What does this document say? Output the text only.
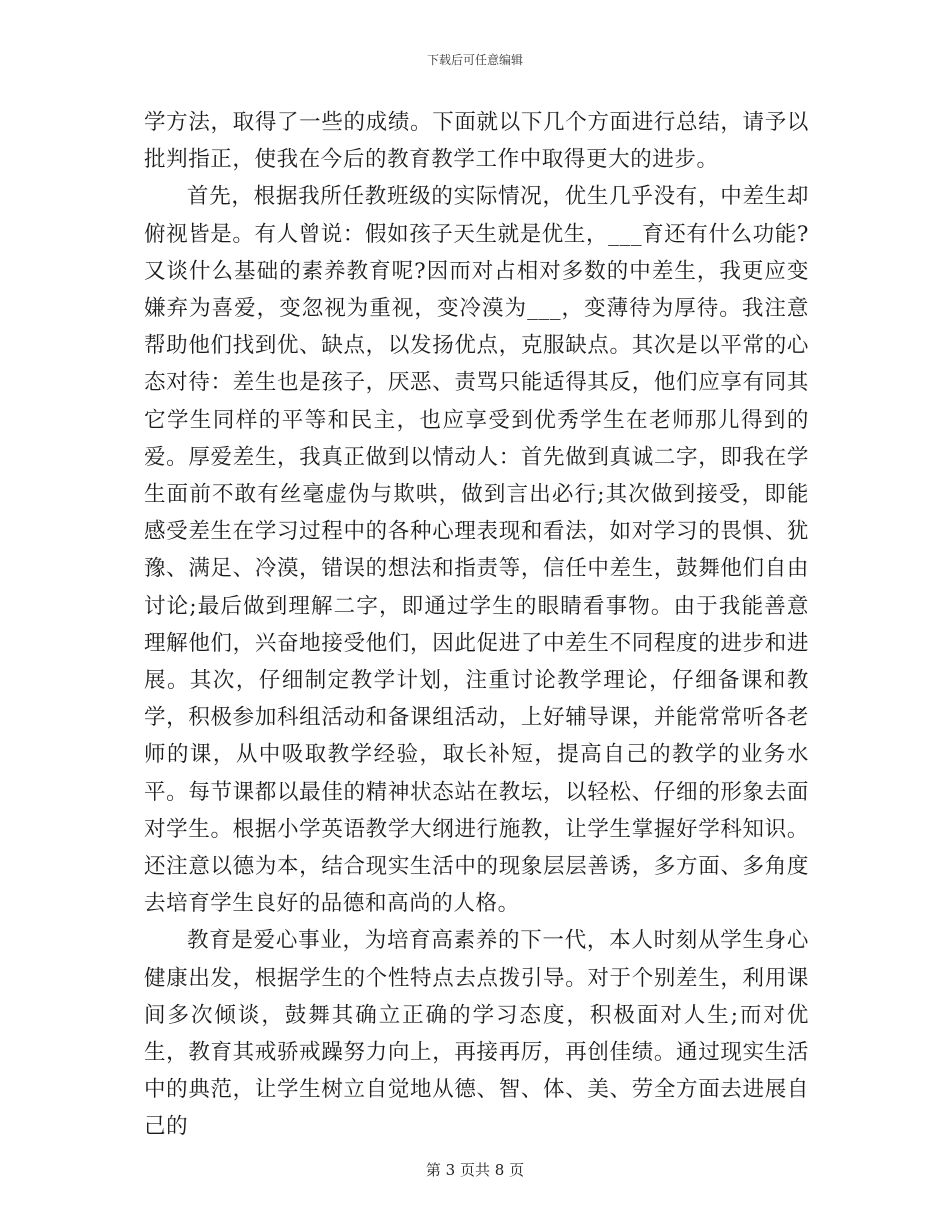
下载后可任意编辑

学方法，取得了一些的成绩。下面就以下几个方面进行总结，请予以批判指正，使我在今后的教育教学工作中取得更大的进步。

首先，根据我所任教班级的实际情况，优生几乎没有，中差生却俯视皆是。有人曾说：假如孩子天生就是优生，___育还有什么功能?又谈什么基础的素养教育呢?因而对占相对多数的中差生，我更应变嫌弃为喜爱，变忽视为重视，变冷漠为___，变薄待为厚待。我注意帮助他们找到优、缺点，以发扬优点，克服缺点。其次是以平常的心态对待：差生也是孩子，厌恶、责骂只能适得其反，他们应享有同其它学生同样的平等和民主，也应享受到优秀学生在老师那儿得到的爱。厚爱差生，我真正做到以情动人：首先做到真诚二字，即我在学生面前不敢有丝毫虚伪与欺哄，做到言出必行;其次做到接受，即能感受差生在学习过程中的各种心理表现和看法，如对学习的畏惧、犹豫、满足、冷漠，错误的想法和指责等，信任中差生，鼓舞他们自由讨论;最后做到理解二字，即通过学生的眼睛看事物。由于我能善意理解他们，兴奋地接受他们，因此促进了中差生不同程度的进步和进展。其次，仔细制定教学计划，注重讨论教学理论，仔细备课和教学，积极参加科组活动和备课组活动，上好辅导课，并能常常听各老师的课，从中吸取教学经验，取长补短，提高自己的教学的业务水平。每节课都以最佳的精神状态站在教坛，以轻松、仔细的形象去面对学生。根据小学英语教学大纲进行施教，让学生掌握好学科知识。还注意以德为本，结合现实生活中的现象层层善诱，多方面、多角度去培育学生良好的品德和高尚的人格。

教育是爱心事业，为培育高素养的下一代，本人时刻从学生身心健康出发，根据学生的个性特点去点拨引导。对于个别差生，利用课间多次倾谈，鼓舞其确立正确的学习态度，积极面对人生;而对优生，教育其戒骄戒躁努力向上，再接再厉，再创佳绩。通过现实生活中的典范，让学生树立自觉地从德、智、体、美、劳全方面去进展自己的

第 3 页共 8 页
